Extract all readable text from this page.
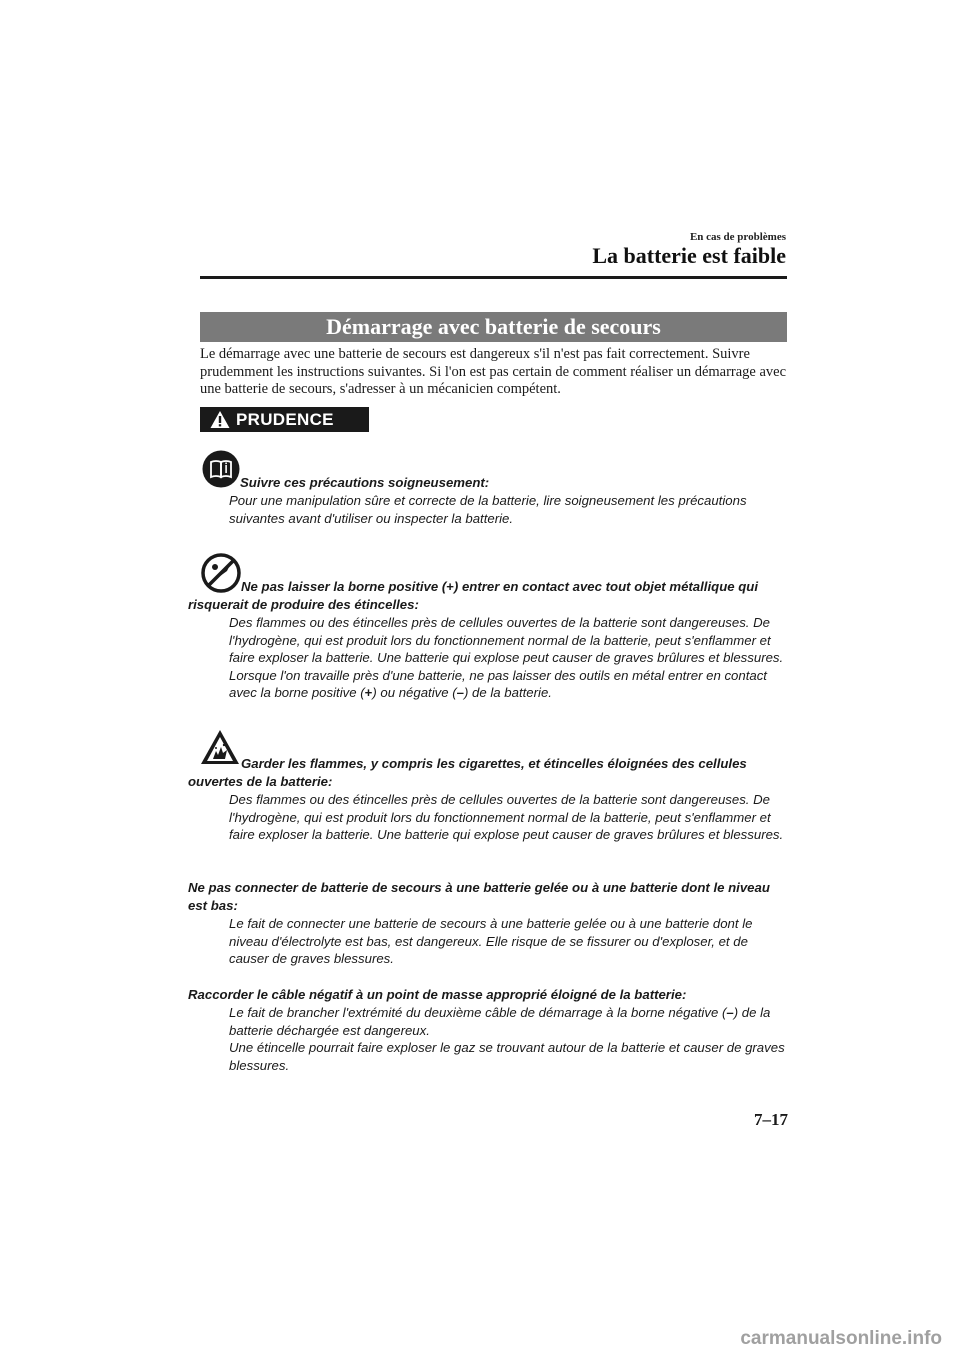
En cas de problèmes
La batterie est faible
Démarrage avec batterie de secours
Le démarrage avec une batterie de secours est dangereux s'il n'est pas fait correctement. Suivre prudemment les instructions suivantes. Si l'on est pas certain de comment réaliser un démarrage avec une batterie de secours, s'adresser à un mécanicien compétent.
PRUDENCE
Suivre ces précautions soigneusement:
Pour une manipulation sûre et correcte de la batterie, lire soigneusement les précautions suivantes avant d'utiliser ou inspecter la batterie.
Ne pas laisser la borne positive (+) entrer en contact avec tout objet métallique qui risquerait de produire des étincelles:
Des flammes ou des étincelles près de cellules ouvertes de la batterie sont dangereuses. De l'hydrogène, qui est produit lors du fonctionnement normal de la batterie, peut s'enflammer et faire exploser la batterie. Une batterie qui explose peut causer de graves brûlures et blessures. Lorsque l'on travaille près d'une batterie, ne pas laisser des outils en métal entrer en contact avec la borne positive (+) ou négative (–) de la batterie.
Garder les flammes, y compris les cigarettes, et étincelles éloignées des cellules ouvertes de la batterie:
Des flammes ou des étincelles près de cellules ouvertes de la batterie sont dangereuses. De l'hydrogène, qui est produit lors du fonctionnement normal de la batterie, peut s'enflammer et faire exploser la batterie. Une batterie qui explose peut causer de graves brûlures et blessures.
Ne pas connecter de batterie de secours à une batterie gelée ou à une batterie dont le niveau est bas:
Le fait de connecter une batterie de secours à une batterie gelée ou à une batterie dont le niveau d'électrolyte est bas, est dangereux. Elle risque de se fissurer ou d'exploser, et de causer de graves blessures.
Raccorder le câble négatif à un point de masse approprié éloigné de la batterie:
Le fait de brancher l'extrémité du deuxième câble de démarrage à la borne négative (–) de la batterie déchargée est dangereux.
Une étincelle pourrait faire exploser le gaz se trouvant autour de la batterie et causer de graves blessures.
7–17
carmanualsonline.info
